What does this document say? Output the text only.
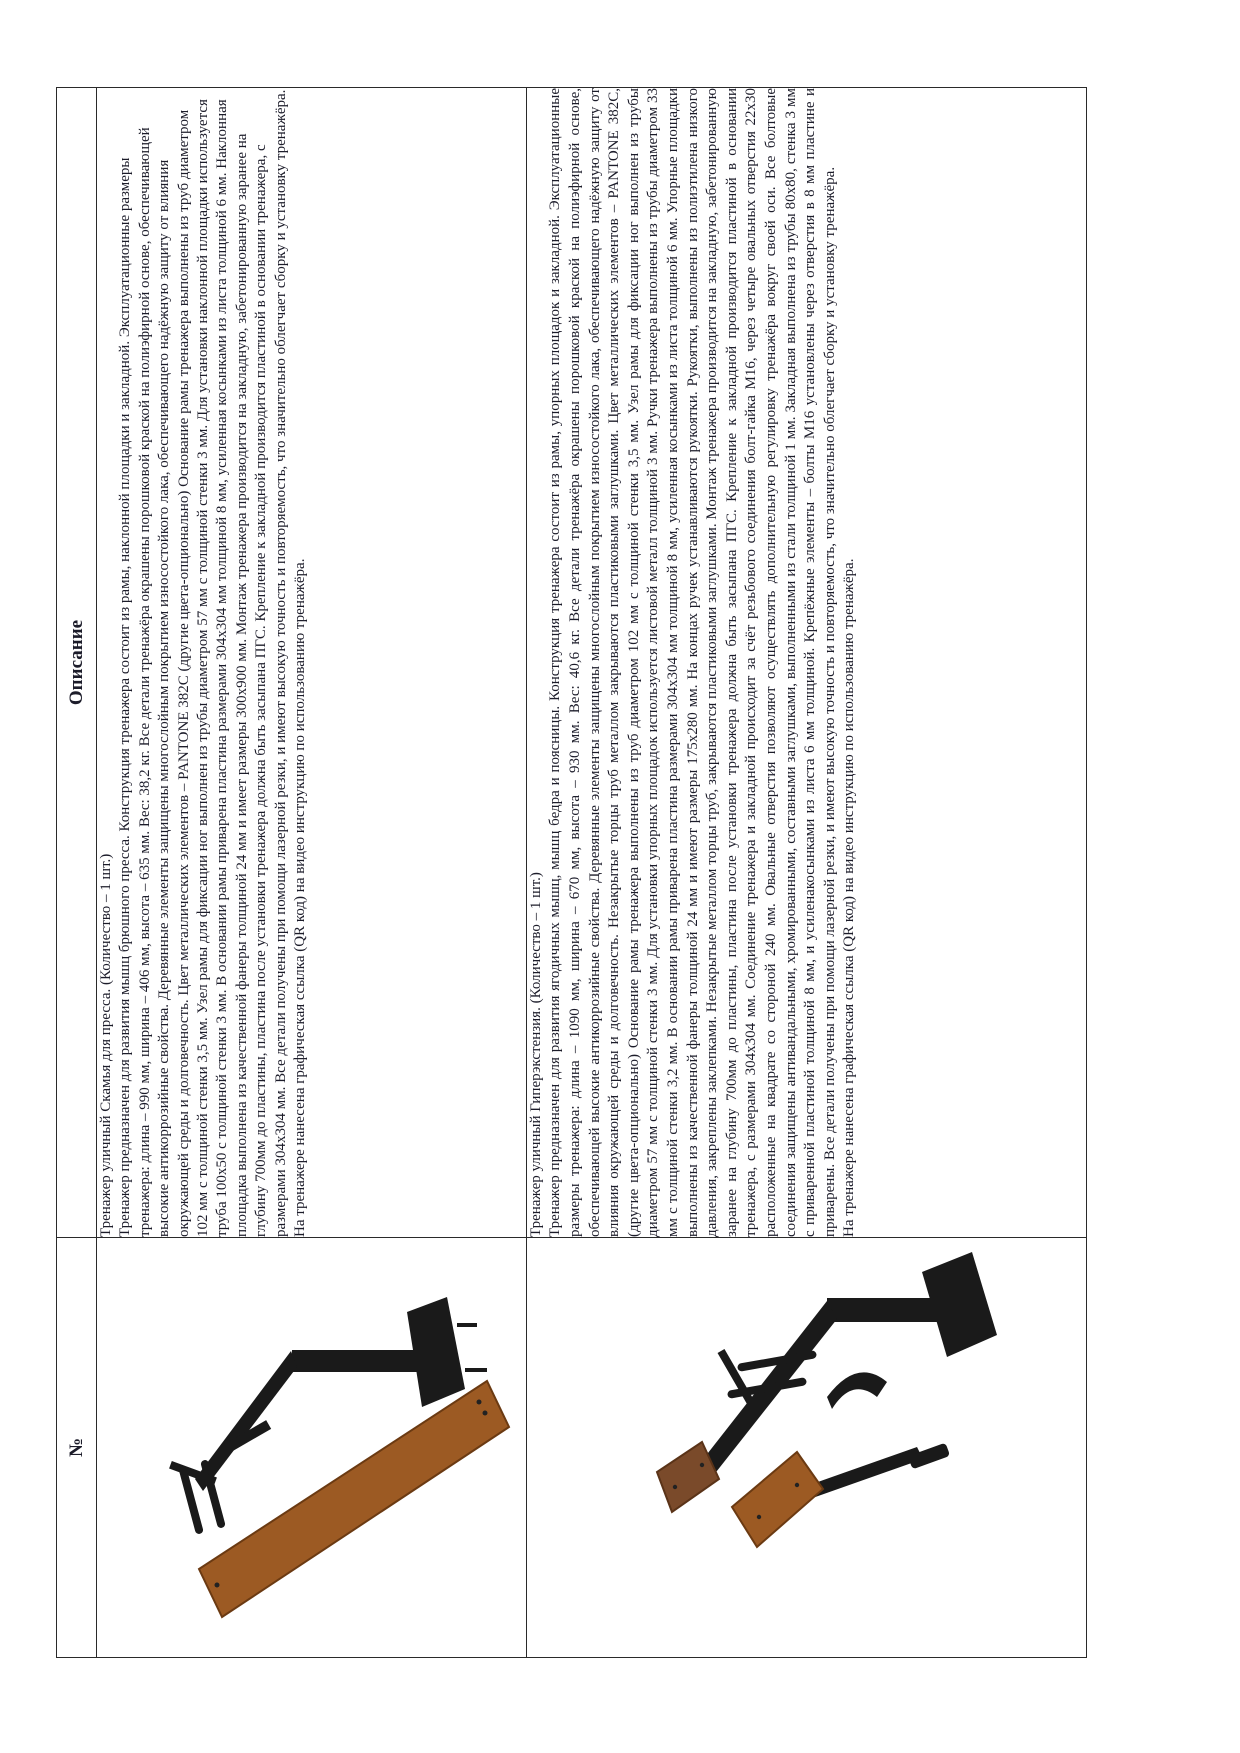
№	Описание

Тренажер уличный Скамья для пресса. (Количество – 1 шт.) Тренажер предназначен для развития мышц брюшного пресса. Конструкция тренажера состоит из рамы, наклонной площадки и закладной. Эксплуатационные размеры тренажера: длина – 990 мм, ширина – 406 мм, высота – 635 мм. Вес: 38,2 кг. Все детали тренажёра окрашены порошковой краской на полиэфирной основе, обеспечивающей высокие антикоррозийные свойства. Деревянные элементы защищены многослойным покрытием износостойкого лака, обеспечивающего надёжную защиту от влияния окружающей среды и долговечность. Цвет металлических элементов – PANTONE 382C (другие цвета-опционально) Основание рамы тренажера выполнены из труб диаметром 102 мм с толщиной стенки 3,5 мм. Узел рамы для фиксации ног выполнен из трубы диаметром 57 мм с толщиной стенки 3 мм. Для установки наклонной площадки используется труба 100х50 с толщиной стенки 3 мм. В основании рамы приварена пластина размерами 304х304 мм толщиной 8 мм, усиленная косынками из листа толщиной 6 мм. Наклонная площадка выполнена из качественной фанеры толщиной 24 мм и имеет размеры 300х900 мм. Монтаж тренажера производится на закладную, забетонированную заранее на глубину 700мм до пластины, пластина после установки тренажера должна быть засыпана ПГС. Крепление к закладной производится пластиной в основании тренажера, с размерами 304х304 мм. Все детали получены при помощи лазерной резки, и имеют высокую точность и повторяемость, что значительно облегчает сборку и установку тренажёра. На тренажере нанесена графическая ссылка (QR код) на видео инструкцию по использованию тренажёра.

Тренажер уличный Гиперэкстензия. (Количество – 1 шт.) Тренажер предназначен для развития ягодичных мышц, мышц бедра и поясницы. Конструкция тренажера состоит из рамы, упорных площадок и закладной. Эксплуатационные размеры тренажера: длина – 1090 мм, ширина – 670 мм, высота – 930 мм. Вес: 40,6 кг. Все детали тренажёра окрашены порошковой краской на полиэфирной основе, обеспечивающей высокие антикоррозийные свойства. Деревянные элементы защищены многослойным покрытием износостойкого лака, обеспечивающего надёжную защиту от влияния окружающей среды и долговечность. Незакрытые торцы труб металлом закрываются пластиковыми заглушками. Цвет металлических элементов – PANTONE 382C, (другие цвета-опционально) Основание рамы тренажера выполнены из труб диаметром 102 мм с толщиной стенки 3,5 мм. Узел рамы для фиксации ног выполнен из трубы диаметром 57 мм с толщиной стенки 3 мм. Для установки упорных площадок используется листовой металл толщиной 3 мм. Ручки тренажера выполнены из трубы диаметром 33 мм с толщиной стенки 3,2 мм. В основании рамы приварена пластина размерами 304х304 мм толщиной 8 мм, усиленная косынками из листа толщиной 6 мм. Упорные площадки выполнены из качественной фанеры толщиной 24 мм и имеют размеры 175х280 мм. На концах ручек устанавливаются рукоятки. Рукоятки, выполнены из полиэтилена низкого давления, закреплены заклепками. Незакрытые металлом торцы труб, закрываются пластиковыми заглушками. Монтаж тренажера производится на закладную, забетонированную заранее на глубину 700мм до пластины, пластина после установки тренажера должна быть засыпана ПГС. Крепление к закладной производится пластиной в основании тренажера, с размерами 304х304 мм. Соединение тренажера и закладной происходит за счёт резьбового соединения болт-гайка М16, через четыре овальных отверстия 22х30 расположенные на квадрате со стороной 240 мм. Овальные отверстия позволяют осуществлять дополнительную регулировку тренажёра вокруг своей оси. Все болтовые соединения защищены антивандальными, хромированными, составными заглушками, выполненными из стали толщиной 1 мм. Закладная выполнена из трубы 80х80, стенка 3 мм с приваренной пластиной толщиной 8 мм, и усиленакосынками из листа 6 мм толщиной. Крепёжные элементы – болты М16 установлены через отверстия в 8 мм пластине и приварены. Все детали получены при помощи лазерной резки, и имеют высокую точность и повторяемость, что значительно облегчает сборку и установку тренажёра. На тренажере нанесена графическая ссылка (QR код) на видео инструкцию по использованию тренажёра.
